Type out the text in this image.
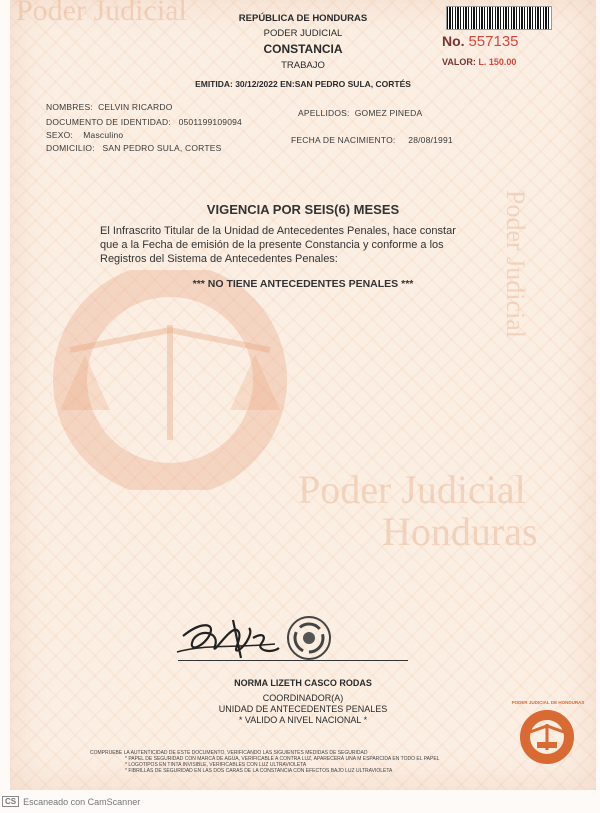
Poder Judicial
Poder Judicial
Honduras
Poder Judicial
REPÚBLICA DE HONDURAS
PODER JUDICIAL
CONSTANCIA
TRABAJO
EMITIDA: 30/12/2022 EN:SAN PEDRO SULA, CORTÉS
No. 557135
VALOR: L. 150.00
NOMBRES: CELVIN RICARDO
APELLIDOS: GOMEZ PINEDA
DOCUMENTO DE IDENTIDAD: 0501199109094
SEXO: Masculino	FECHA DE NACIMIENTO: 28/08/1991
DOMICILIO: SAN PEDRO SULA, CORTES
VIGENCIA POR SEIS(6) MESES
El Infrascrito Titular de la Unidad de Antecedentes Penales, hace constar
que a la Fecha de emisión de la presente Constancia y conforme a los
Registros del Sistema de Antecedentes Penales:
*** NO TIENE ANTECEDENTES PENALES ***
NORMA LIZETH CASCO RODAS
COORDINADOR(A)
UNIDAD DE ANTECEDENTES PENALES
* VALIDO A NIVEL NACIONAL *
PODER JUDICIAL DE HONDURAS
COMPRUEBE LA AUTENTICIDAD DE ESTE DOCUMENTO, VERIFICANDO LAS SIGUIENTES MEDIDAS DE SEGURIDAD
* PAPEL DE SEGURIDAD CON MARCA DE AGUA, VERIFICABLE A CONTRA LUZ, APARECERÁ UNA M ESPARCIDA EN TODO EL PAPEL
* LOGOTIPOS EN TINTA INVISIBLE, VERIFICABLES CON LUZ ULTRAVIOLETA
* FIBRILLAS DE SEGURIDAD EN LAS DOS CARAS DE LA CONSTANCIA CON EFECTOS BAJO LUZ ULTRAVIOLETA
CS Escaneado con CamScanner
